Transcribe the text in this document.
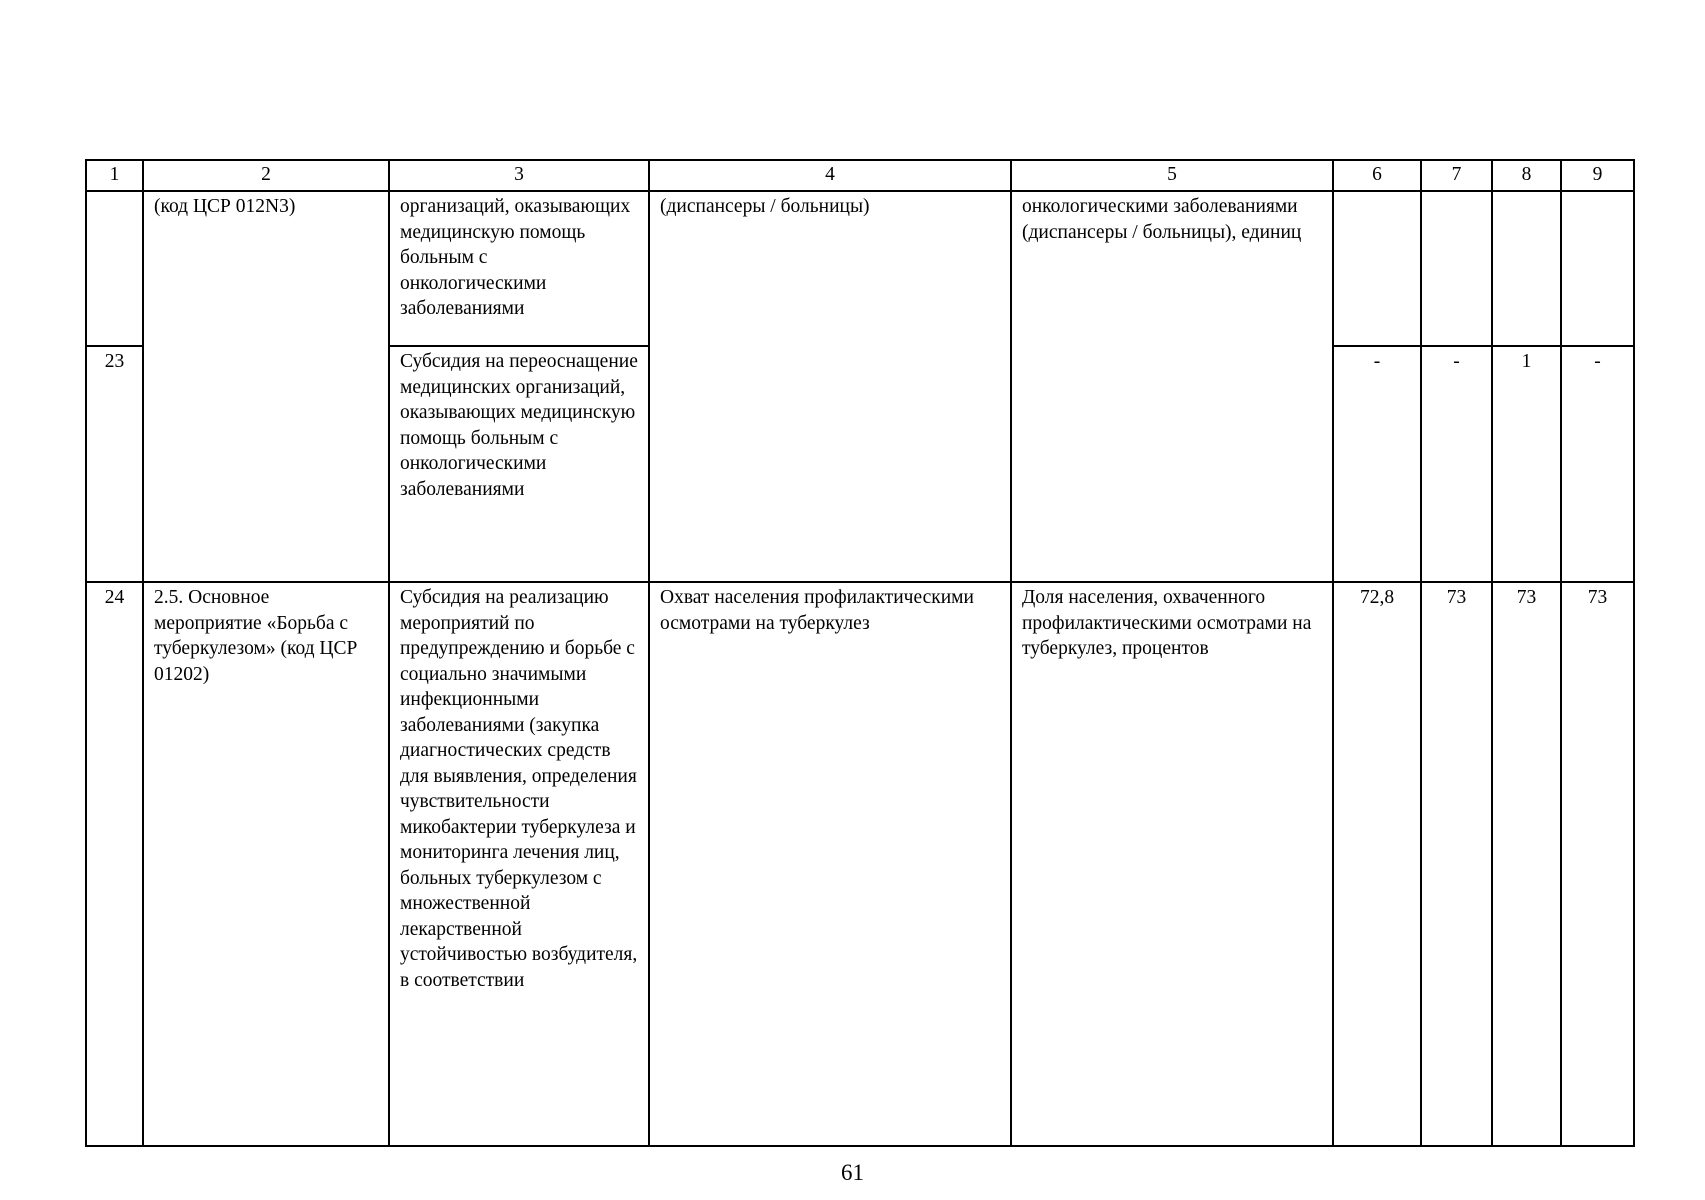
1	2	3	4	5	6	7	8	9
	(код ЦСР 012N3)	организаций, оказывающих медицинскую помощь больным с онкологическими заболеваниями	(диспансеры / больницы)	онкологическими заболеваниями (диспансеры / больницы), единиц				
23		Субсидия на переоснащение медицинских организаций, оказывающих медицинскую помощь больным с онкологическими заболеваниями			-	-	1	-
24	2.5. Основное мероприятие «Борьба с туберкулезом» (код ЦСР 01202)	Субсидия на реализацию мероприятий по предупреждению и борьбе с социально значимыми инфекционными заболеваниями (закупка диагностических средств для выявления, определения чувствительности микобактерии туберкулеза и мониторинга лечения лиц, больных туберкулезом с множественной лекарственной устойчивостью возбудителя, в соответствии	Охват населения профилактическими осмотрами на туберкулез	Доля населения, охваченного профилактическими осмотрами на туберкулез, процентов	72,8	73	73	73
61
